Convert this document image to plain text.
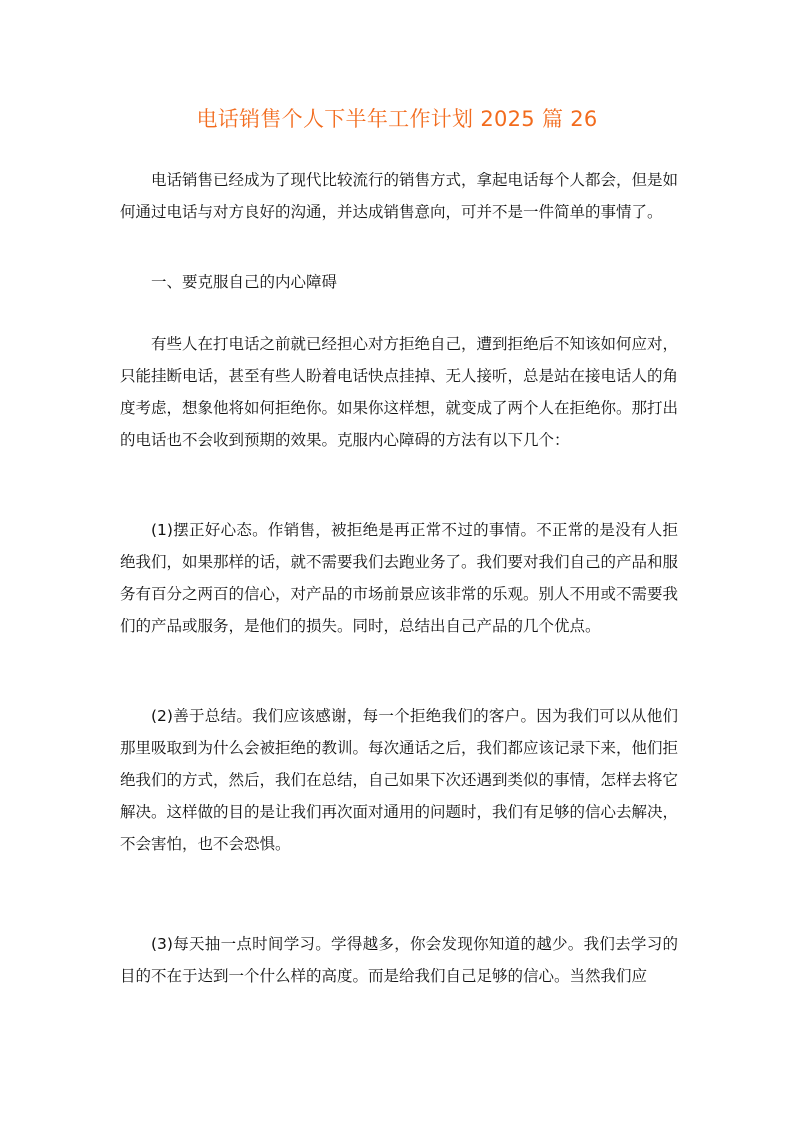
电话销售个人下半年工作计划 2025 篇 26

电话销售已经成为了现代比较流行的销售方式，拿起电话每个人都会，但是如何通过电话与对方良好的沟通，并达成销售意向，可并不是一件简单的事情了。

一、要克服自己的内心障碍

有些人在打电话之前就已经担心对方拒绝自己，遭到拒绝后不知该如何应对，只能挂断电话，甚至有些人盼着电话快点挂掉、无人接听，总是站在接电话人的角度考虑，想象他将如何拒绝你。如果你这样想，就变成了两个人在拒绝你。那打出的电话也不会收到预期的效果。克服内心障碍的方法有以下几个：

(1)摆正好心态。作销售，被拒绝是再正常不过的事情。不正常的是没有人拒绝我们，如果那样的话，就不需要我们去跑业务了。我们要对我们自己的产品和服务有百分之两百的信心，对产品的市场前景应该非常的乐观。别人不用或不需要我们的产品或服务，是他们的损失。同时，总结出自己产品的几个优点。

(2)善于总结。我们应该感谢，每一个拒绝我们的客户。因为我们可以从他们那里吸取到为什么会被拒绝的教训。每次通话之后，我们都应该记录下来，他们拒绝我们的方式，然后，我们在总结，自己如果下次还遇到类似的事情，怎样去将它解决。这样做的目的是让我们再次面对通用的问题时，我们有足够的信心去解决，不会害怕，也不会恐惧。

(3)每天抽一点时间学习。学得越多，你会发现你知道的越少。我们去学习的目的不在于达到一个什么样的高度。而是给我们自己足够的信心。当然我们应
